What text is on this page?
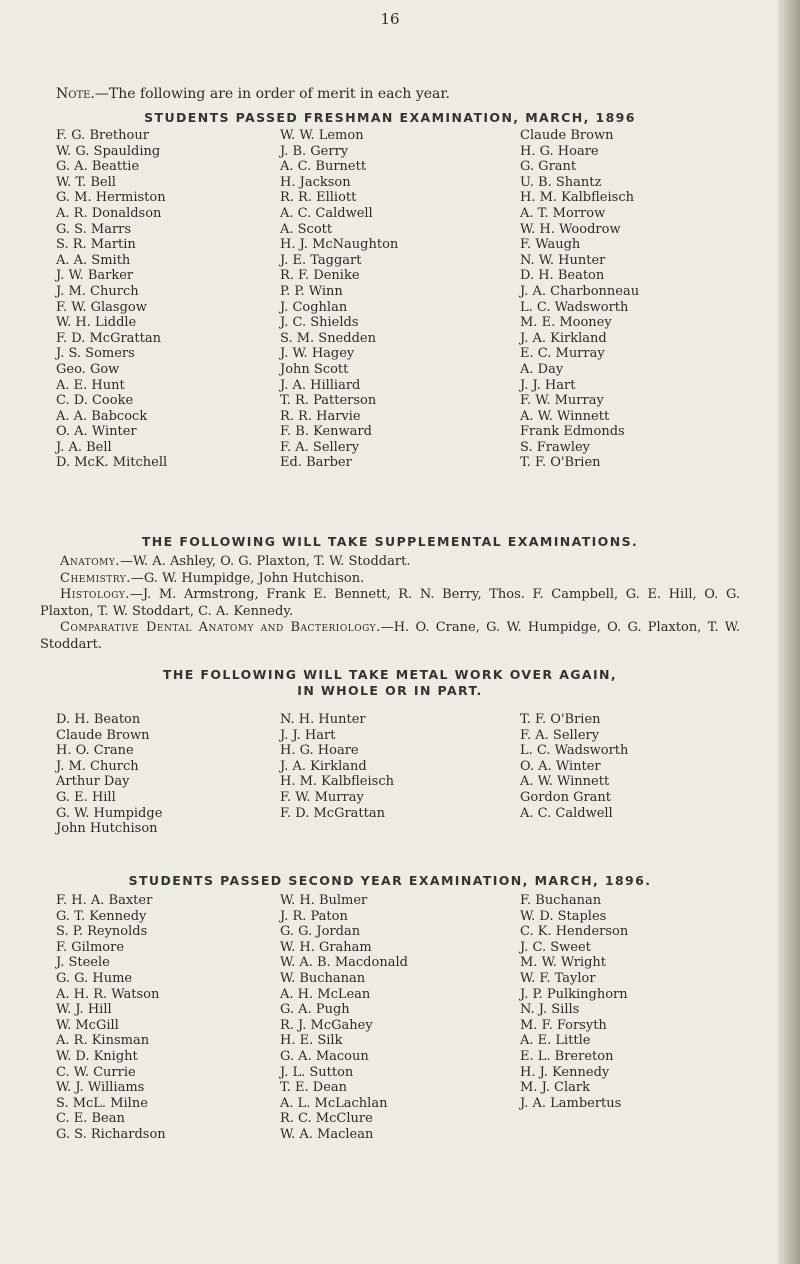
16
Note.—The following are in order of merit in each year.
STUDENTS PASSED FRESHMAN EXAMINATION, MARCH, 1896
F. G. Brethour
W. G. Spaulding
G. A. Beattie
W. T. Bell
G. M. Hermiston
A. R. Donaldson
G. S. Marrs
S. R. Martin
A. A. Smith
J. W. Barker
J. M. Church
F. W. Glasgow
W. H. Liddle
F. D. McGrattan
J. S. Somers
Geo. Gow
A. E. Hunt
C. D. Cooke
A. A. Babcock
O. A. Winter
J. A. Bell
D. McK. Mitchell
W. W. Lemon
J. B. Gerry
A. C. Burnett
H. Jackson
R. R. Elliott
A. C. Caldwell
A. Scott
H. J. McNaughton
J. E. Taggart
R. F. Denike
P. P. Winn
J. Coghlan
J. C. Shields
S. M. Snedden
J. W. Hagey
John Scott
J. A. Hilliard
T. R. Patterson
R. R. Harvie
F. B. Kenward
F. A. Sellery
Ed. Barber
Claude Brown
H. G. Hoare
G. Grant
U. B. Shantz
H. M. Kalbfleisch
A. T. Morrow
W. H. Woodrow
F. Waugh
N. W. Hunter
D. H. Beaton
J. A. Charbonneau
L. C. Wadsworth
M. E. Mooney
J. A. Kirkland
E. C. Murray
A. Day
J. J. Hart
F. W. Murray
A. W. Winnett
Frank Edmonds
S. Frawley
T. F. O'Brien
THE FOLLOWING WILL TAKE SUPPLEMENTAL EXAMINATIONS.
Anatomy.—W. A. Ashley, O. G. Plaxton, T. W. Stoddart.
Chemistry.—G. W. Humpidge, John Hutchison.
Histology.—J. M. Armstrong, Frank E. Bennett, R. N. Berry, Thos. F. Campbell, G. E. Hill, O. G. Plaxton, T. W. Stoddart, C. A. Kennedy.
Comparative Dental Anatomy and Bacteriology.—H. O. Crane, G. W. Humpidge, O. G. Plaxton, T. W. Stoddart.
THE FOLLOWING WILL TAKE METAL WORK OVER AGAIN,
IN WHOLE OR IN PART.
D. H. Beaton
Claude Brown
H. O. Crane
J. M. Church
Arthur Day
G. E. Hill
G. W. Humpidge
John Hutchison
N. H. Hunter
J. J. Hart
H. G. Hoare
J. A. Kirkland
H. M. Kalbfleisch
F. W. Murray
F. D. McGrattan
T. F. O'Brien
F. A. Sellery
L. C. Wadsworth
O. A. Winter
A. W. Winnett
Gordon Grant
A. C. Caldwell
STUDENTS PASSED SECOND YEAR EXAMINATION, MARCH, 1896.
F. H. A. Baxter
G. T. Kennedy
S. P. Reynolds
F. Gilmore
J. Steele
G. G. Hume
A. H. R. Watson
W. J. Hill
W. McGill
A. R. Kinsman
W. D. Knight
C. W. Currie
W. J. Williams
S. McL. Milne
C. E. Bean
G. S. Richardson
W. H. Bulmer
J. R. Paton
G. G. Jordan
W. H. Graham
W. A. B. Macdonald
W. Buchanan
A. H. McLean
G. A. Pugh
R. J. McGahey
H. E. Silk
G. A. Macoun
J. L. Sutton
T. E. Dean
A. L. McLachlan
R. C. McClure
W. A. Maclean
F. Buchanan
W. D. Staples
C. K. Henderson
J. C. Sweet
M. W. Wright
W. F. Taylor
J. P. Pulkinghorn
N. J. Sills
M. F. Forsyth
A. E. Little
E. L. Brereton
H. J. Kennedy
M. J. Clark
J. A. Lambertus
